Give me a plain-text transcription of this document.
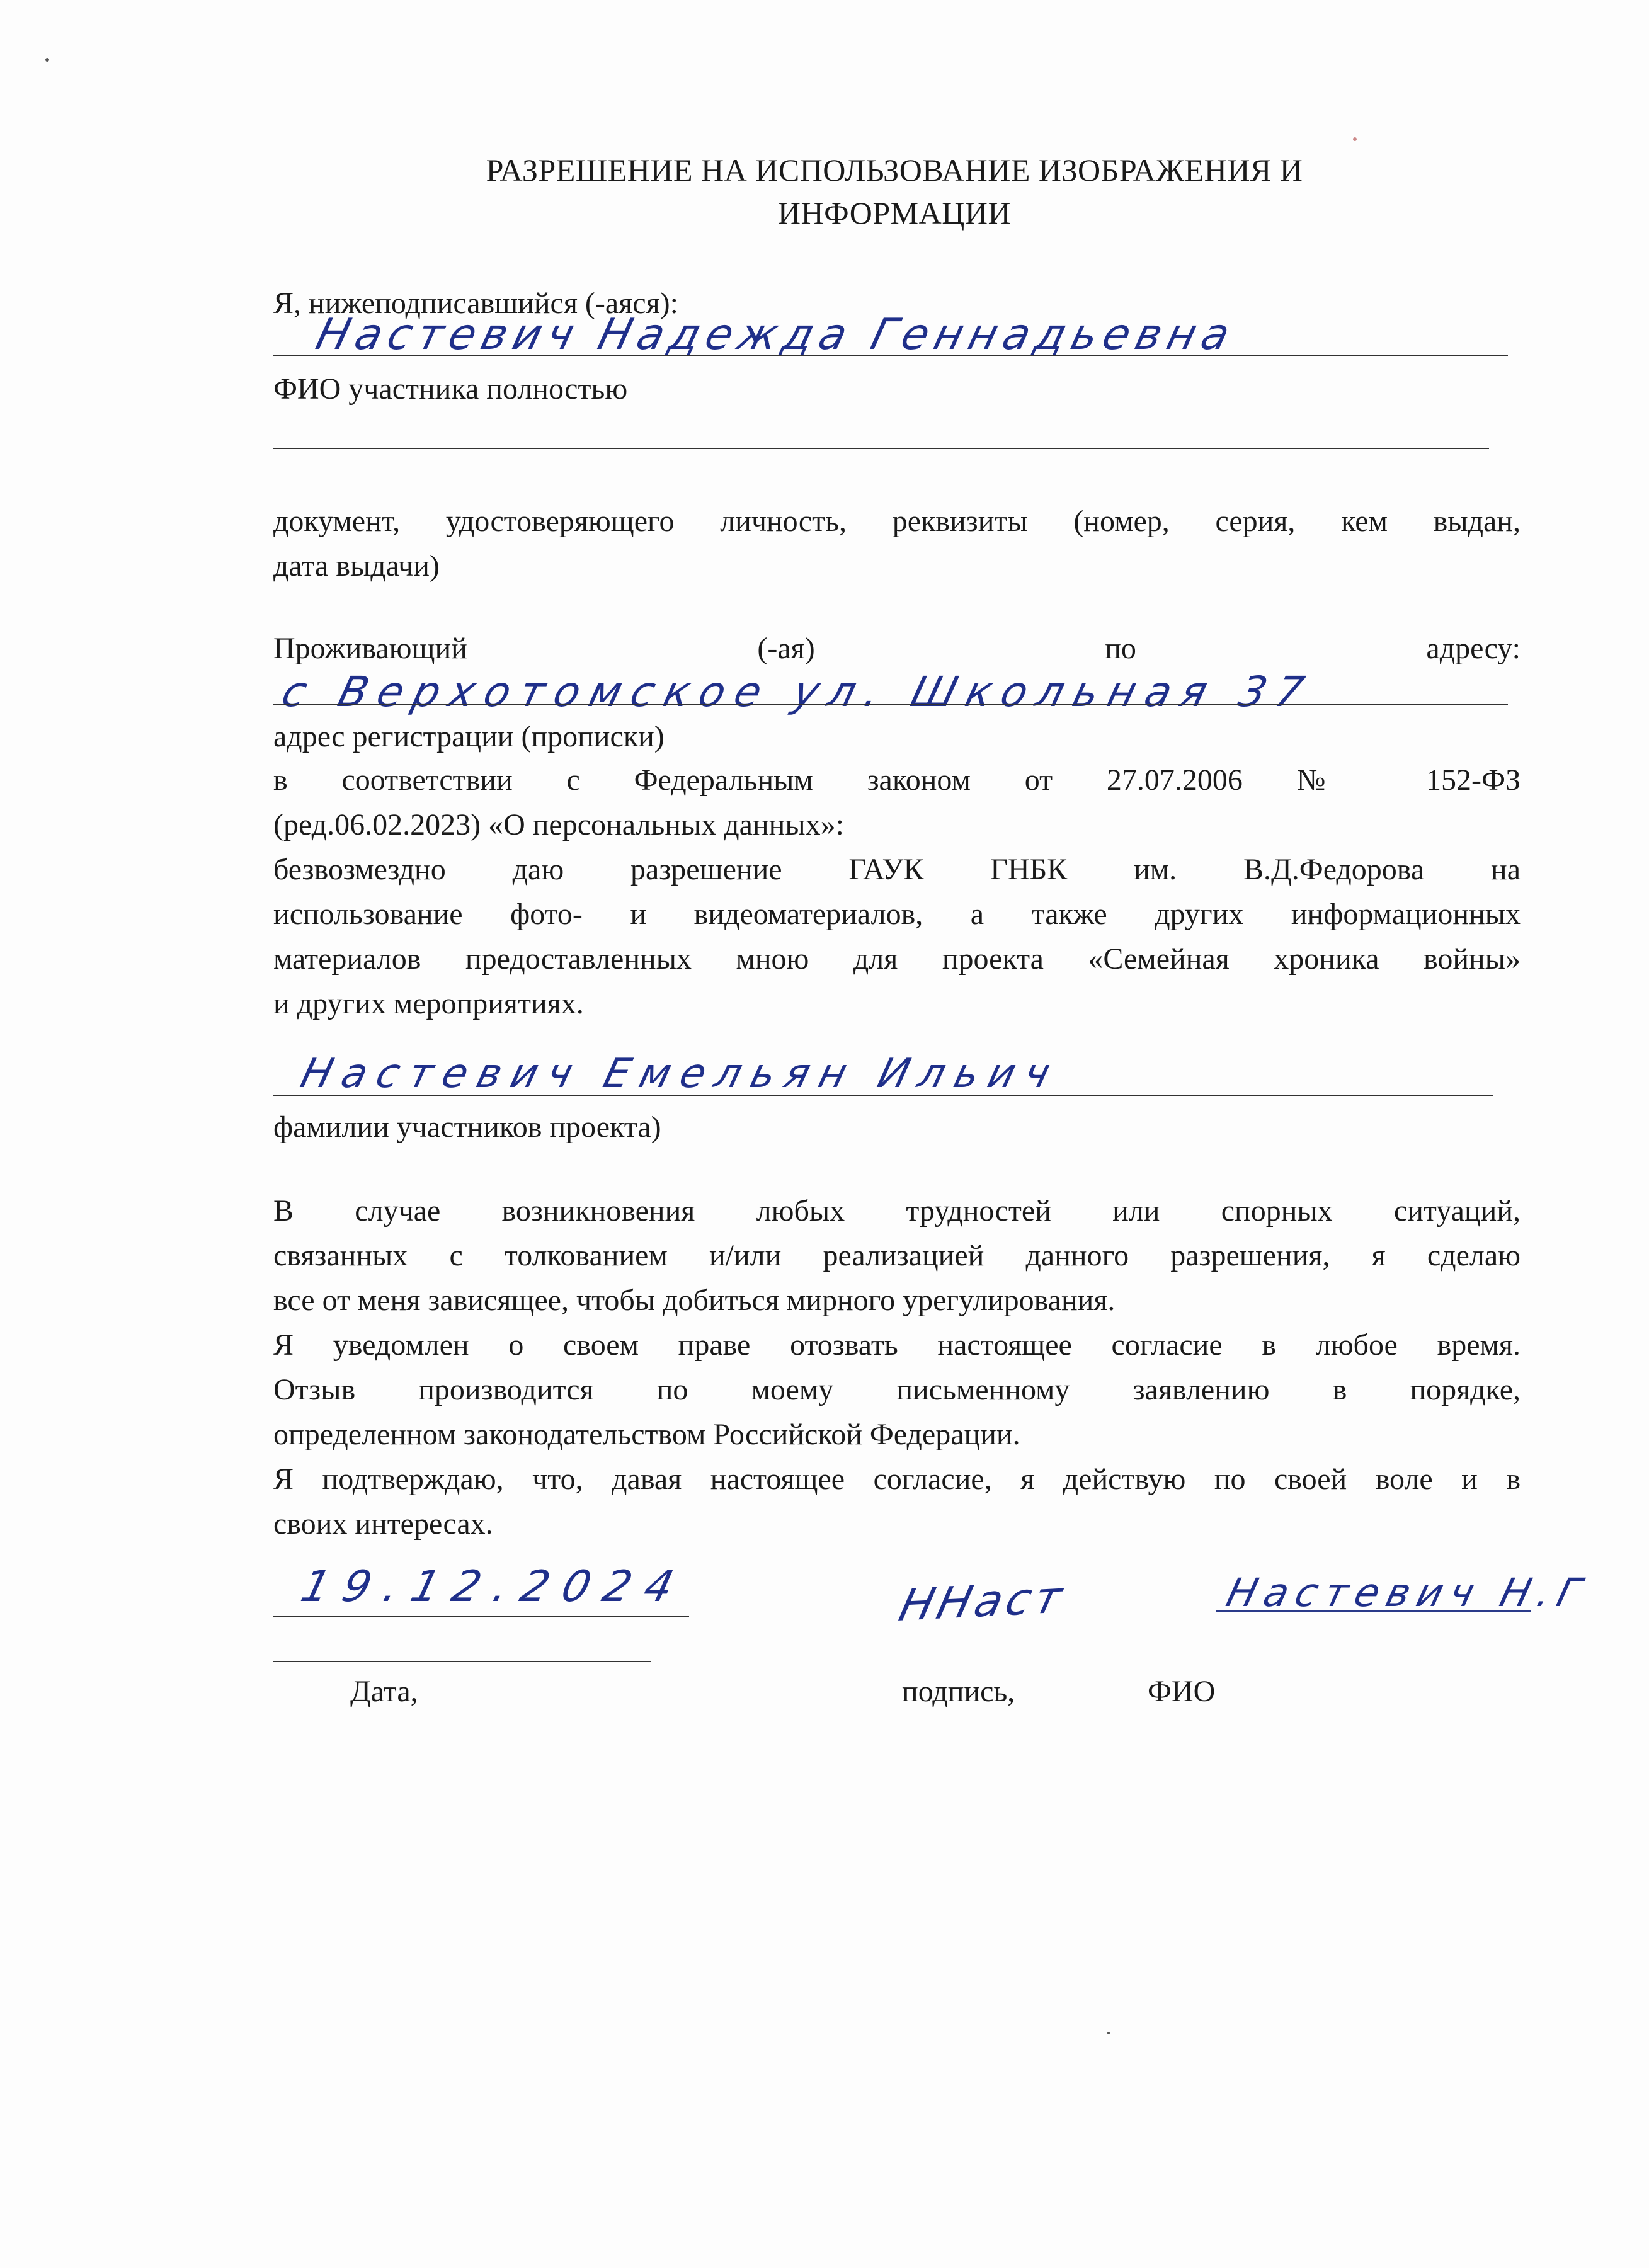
РАЗРЕШЕНИЕ НА ИСПОЛЬЗОВАНИЕ ИЗОБРАЖЕНИЯ И
ИНФОРМАЦИИ
Я, нижеподписавшийся (-аяся):
Настевич Надежда Геннадьевна
ФИО участника полностью
документ, удостоверяющего личность, реквизиты (номер, серия, кем выдан,
дата выдачи)
Проживающий	(-ая)	по	адресу:
с Верхотомское ул. Школьная 37
адрес регистрации (прописки)
в соответствии с Федеральным законом от 27.07.2006 № 152-ФЗ
(ред.06.02.2023) «О персональных данных»:
безвозмездно даю разрешение ГАУК ГНБК им. В.Д.Федорова на
использование фото- и видеоматериалов, а также других информационных
материалов предоставленных мною для проекта «Семейная хроника войны»
и других мероприятиях.
Настевич Емельян Ильич
фамилии участников проекта)
В случае возникновения любых трудностей или спорных ситуаций,
связанных с толкованием и/или реализацией данного разрешения, я сделаю
все от меня зависящее, чтобы добиться мирного урегулирования.
Я уведомлен о своем праве отозвать настоящее согласие в любое время.
Отзыв производится по моему письменному заявлению в порядке,
определенном законодательством Российской Федерации.
Я подтверждаю, что, давая настоящее согласие, я действую по своей воле и в
своих интересах.
19.12.2024	ННаст	Настевич Н.Г
Дата,	подпись,	ФИО
